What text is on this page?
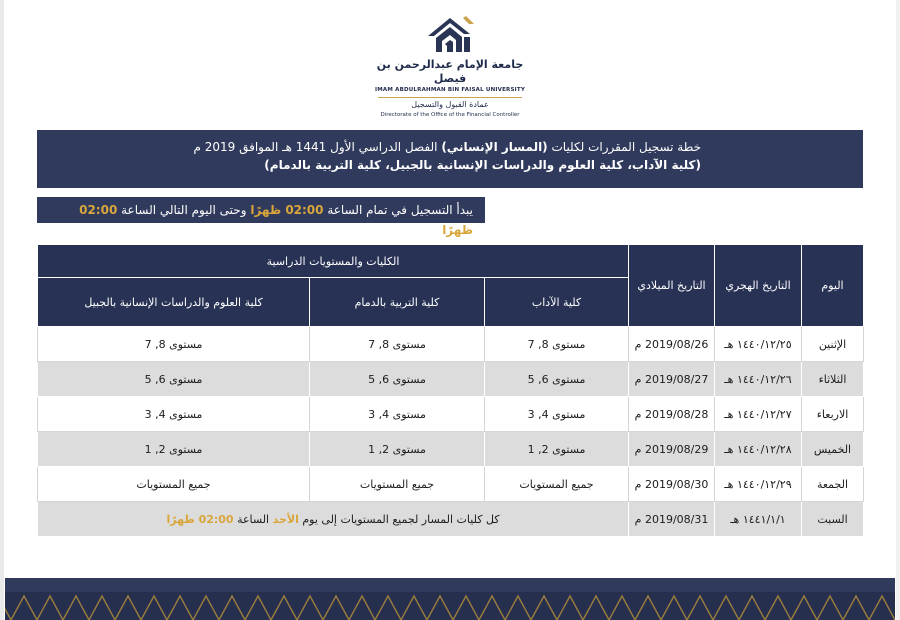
جامعة الإمام عبدالرحمن بن فيصل
IMAM ABDULRAHMAN BIN FAISAL UNIVERSITY
عمادة القبول والتسجيل
Directorate of the Office of the Financial Controller
خطة تسجيل المقررات لكليات (المسار الإنساني) الفصل الدراسي الأول 1441 هـ الموافق 2019 م
(كلية الآداب، كلية العلوم والدراسات الإنسانية بالجبيل، كلية التربية بالدمام)
يبدأ التسجيل في تمام الساعة 02:00 ظهرًا وحتى اليوم التالي الساعة 02:00 ظهرًا
اليوم	التاريخ الهجري	التاريخ الميلادي	الكليات والمستويات الدراسية		
			كلية الآداب	كلية التربية بالدمام	كلية العلوم والدراسات الإنسانية بالجبيل
الإثنين	١٤٤٠/١٢/٢٥ هـ	2019/08/26 م	مستوى 8, 7	مستوى 8, 7	مستوى 8, 7
الثلاثاء	١٤٤٠/١٢/٢٦ هـ	2019/08/27 م	مستوى 6, 5	مستوى 6, 5	مستوى 6, 5
الاربعاء	١٤٤٠/١٢/٢٧ هـ	2019/08/28 م	مستوى 4, 3	مستوى 4, 3	مستوى 4, 3
الخميس	١٤٤٠/١٢/٢٨ هـ	2019/08/29 م	مستوى 2, 1	مستوى 2, 1	مستوى 2, 1
الجمعة	١٤٤٠/١٢/٢٩ هـ	2019/08/30 م	جميع المستويات	جميع المستويات	جميع المستويات
السبت	١٤٤١/١/١ هـ	2019/08/31 م	كل كليات المسار لجميع المستويات إلى يوم الأحد الساعة 02:00 ظهرًا		
